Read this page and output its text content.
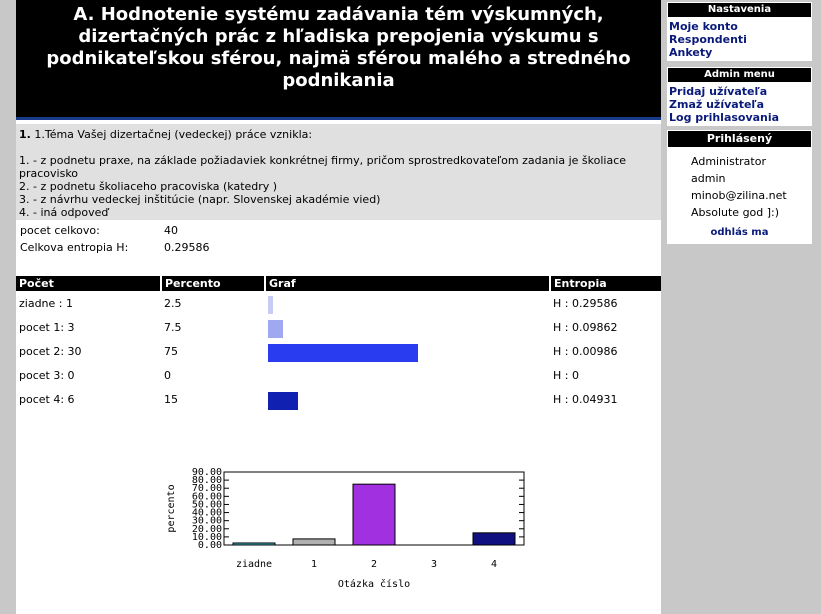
A. Hodnotenie systému zadávania tém výskumných, dizertačných prác z hľadiska prepojenia výskumu s podnikateľskou sférou, najmä sférou malého a stredného podnikania
1. 1.Téma Vašej dizertačnej (vedeckej) práce vznikla:
1. - z podnetu praxe, na základe požiadaviek konkrétnej firmy, pričom sprostredkovateľom zadania je školiace pracovisko
2. - z podnetu školiaceho pracoviska (katedry )
3. - z návrhu vedeckej inštitúcie (napr. Slovenskej akadémie vied)
4. - iná odpoveď
pocet celkovo:	40
Celkova entropia H:	0.29586
Počet	Percento	Graf	Entropia
ziadne : 1	2.5	H : 0.29586
pocet 1: 3	7.5	H : 0.09862
pocet 2: 30	75	H : 0.00986
pocet 3: 0	0	H : 0
pocet 4: 6	15	H : 0.04931
0.00
10.00
20.00
30.00
40.00
50.00
60.00
70.00
80.00
90.00
ziadne	1	2	3	4
Otázka číslo
percento
Nastavenia
Moje konto
Respondenti
Ankety
Admin menu
Pridaj užívateľa
Zmaž užívateľa
Log prihlasovania
Prihlásený
Administrator
admin
minob@zilina.net
Absolute god ]:)
odhlás ma
